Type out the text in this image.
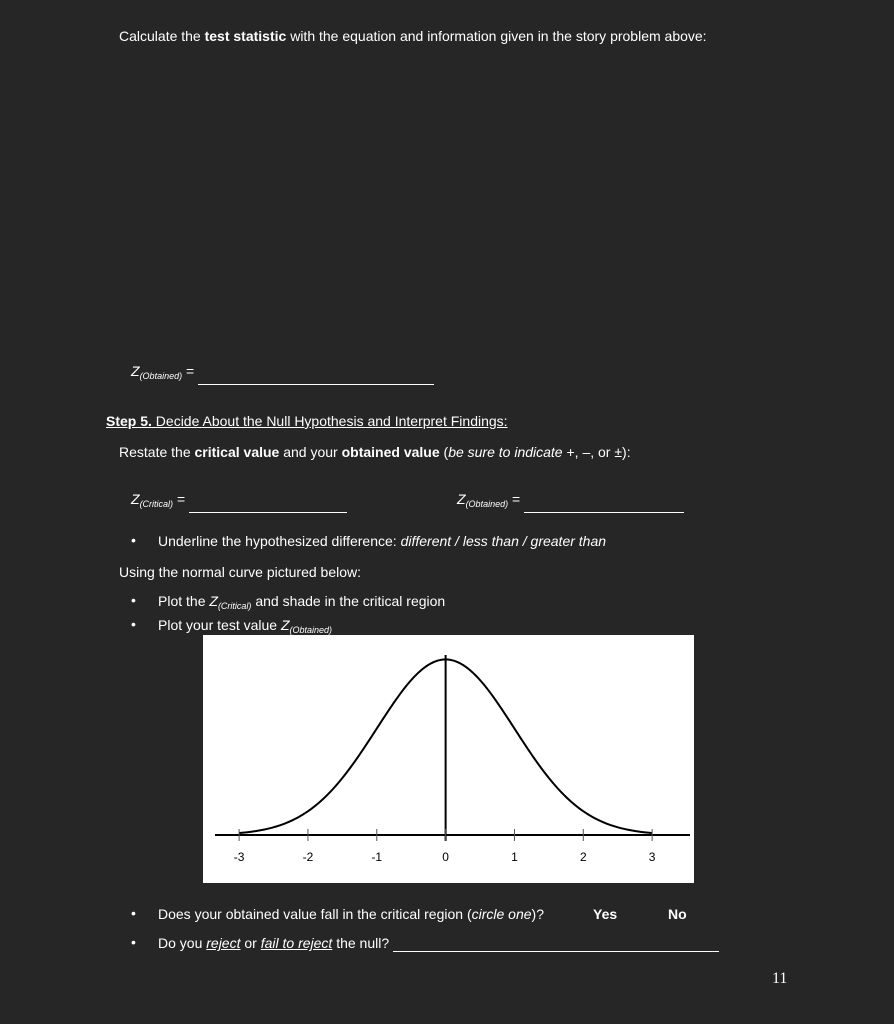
Calculate the test statistic with the equation and information given in the story problem above:
$Z_{(Obtained)}$ =
Step 5. Decide About the Null Hypothesis and Interpret Findings:
Restate the critical value and your obtained value (be sure to indicate +, –, or ±):
$Z_{(Critical)}$ =	$Z_{(Obtained)}$ =
• Underline the hypothesized difference: different / less than / greater than
Using the normal curve pictured below:
• Plot the $Z_{(Critical)}$ and shade in the critical region
• Plot your test value $Z_{(Obtained)}$
-3	-2	-1	0	1	2	3
• Does your obtained value fall in the critical region (circle one)?	Yes	No
• Do you reject or fail to reject the null?
11
